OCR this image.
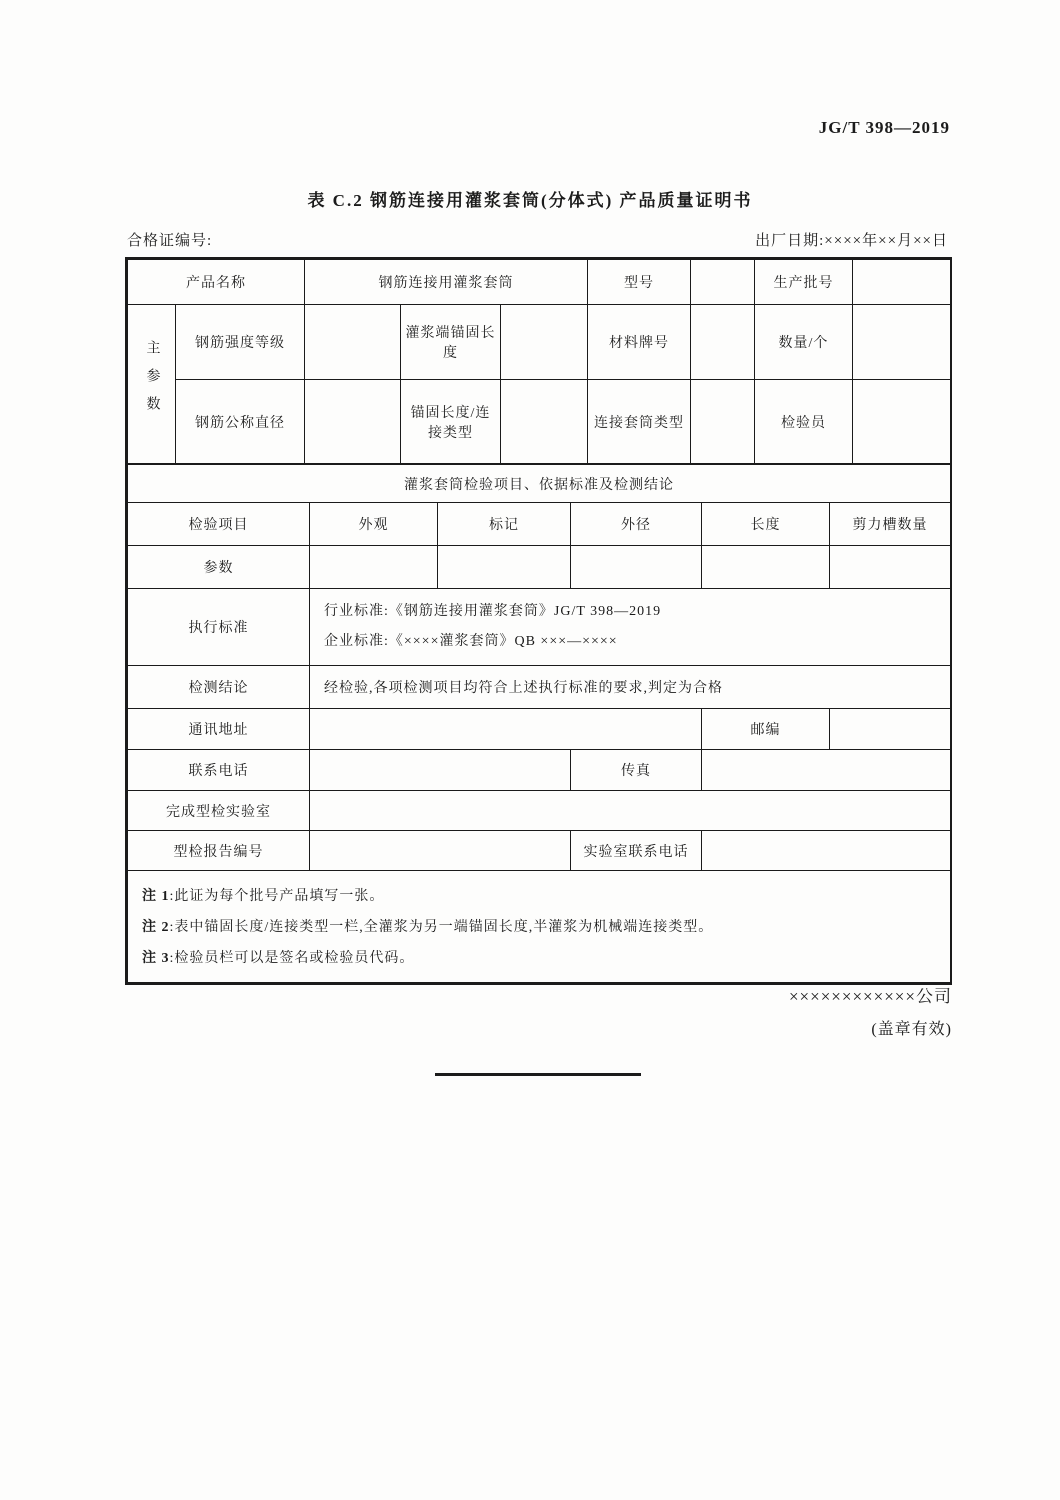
JG/T 398—2019
表 C.2 钢筋连接用灌浆套筒(分体式) 产品质量证明书
合格证编号:	出厂日期:××××年××月××日
产品名称		钢筋连接用灌浆套筒			型号		生产批号	
主参数	钢筋强度等级		灌浆端锚固长度		材料牌号		数量/个	
	钢筋公称直径		锚固长度/连接类型		连接套筒类型		检验员	
灌浆套筒检验项目、依据标准及检测结论					
检验项目	外观	标记	外径	长度	剪力槽数量
参数					
执行标准	行业标准:《钢筋连接用灌浆套筒》JG/T 398—2019
企业标准:《××××灌浆套筒》QB ×××—××××				

检测结论	经检验,各项检测项目均符合上述执行标准的要求,判定为合格				
通讯地址				邮编	
联系电话			传真		
完成型检实验室					
型检报告编号			实验室联系电话		

注 1:此证为每个批号产品填写一张。
注 2:表中锚固长度/连接类型一栏,全灌浆为另一端锚固长度,半灌浆为机械端连接类型。
注 3:检验员栏可以是签名或检验员代码。					
××××××××××××公司
(盖章有效)
